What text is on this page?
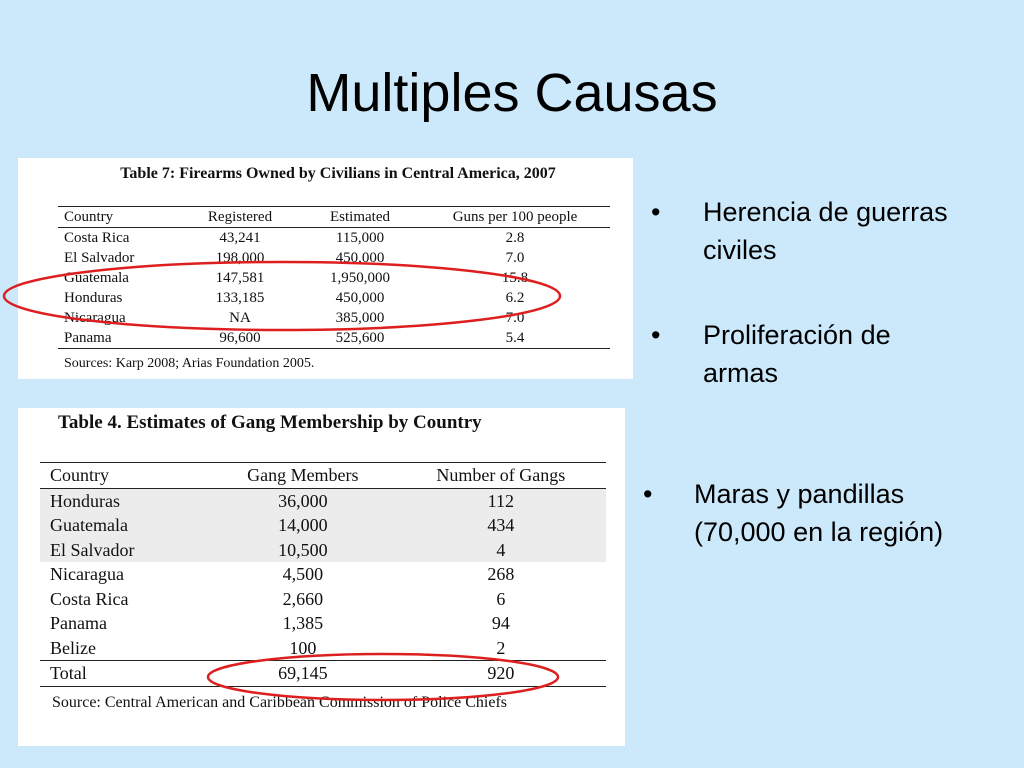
Multiples Causas
Table 7: Firearms Owned by Civilians in Central America, 2007
Country	Registered	Estimated	Guns per 100 people
Costa Rica	43,241	115,000	2.8
El Salvador	198,000	450,000	7.0
Guatemala	147,581	1,950,000	15.8
Honduras	133,185	450,000	6.2
Nicaragua	NA	385,000	7.0
Panama	96,600	525,600	5.4
Sources: Karp 2008; Arias Foundation 2005.
Table 4. Estimates of Gang Membership by Country
Country	Gang Members	Number of Gangs
Honduras	36,000	112
Guatemala	14,000	434
El Salvador	10,500	4
Nicaragua	4,500	268
Costa Rica	2,660	6
Panama	1,385	94
Belize	100	2
Total	69,145	920
Source: Central American and Caribbean Commission of Police Chiefs
• Herencia de guerras civiles
• Proliferación de armas
• Maras y pandillas (70,000 en la región)
